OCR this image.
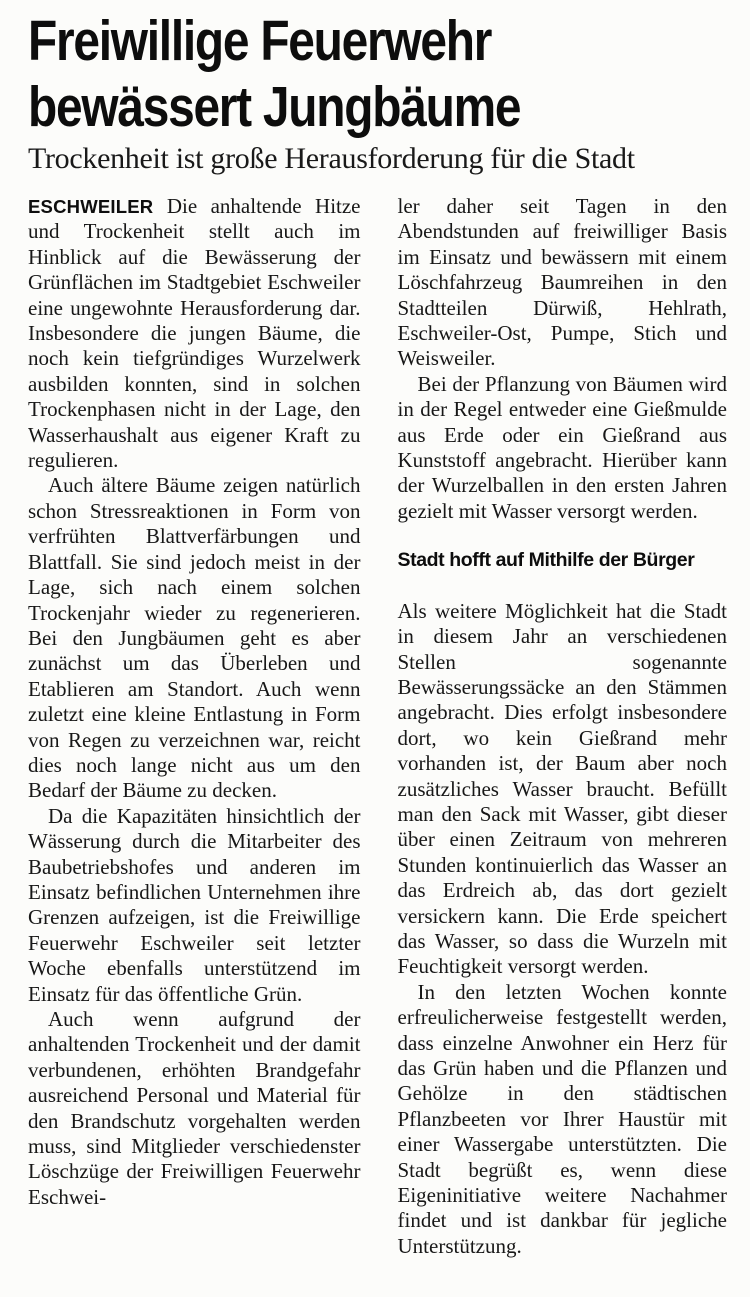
Freiwillige Feuerwehr
bewässert Jungbäume
Trockenheit ist große Herausforderung für die Stadt

ESCHWEILER Die anhaltende Hitze und Trockenheit stellt auch im Hinblick auf die Bewässerung der Grünflächen im Stadtgebiet Eschweiler eine ungewohnte Herausforderung dar. Insbesondere die jungen Bäume, die noch kein tiefgründiges Wurzelwerk ausbilden konnten, sind in solchen Trockenphasen nicht in der Lage, den Wasserhaushalt aus eigener Kraft zu regulieren.

Auch ältere Bäume zeigen natürlich schon Stressreaktionen in Form von verfrühten Blattverfärbungen und Blattfall. Sie sind jedoch meist in der Lage, sich nach einem solchen Trockenjahr wieder zu regenerieren. Bei den Jungbäumen geht es aber zunächst um das Überleben und Etablieren am Standort. Auch wenn zuletzt eine kleine Entlastung in Form von Regen zu verzeichnen war, reicht dies noch lange nicht aus um den Bedarf der Bäume zu decken.

Da die Kapazitäten hinsichtlich der Wässerung durch die Mitarbeiter des Baubetriebshofes und anderen im Einsatz befindlichen Unternehmen ihre Grenzen aufzeigen, ist die Freiwillige Feuerwehr Eschweiler seit letzter Woche ebenfalls unterstützend im Einsatz für das öffentliche Grün.

Auch wenn aufgrund der anhaltenden Trockenheit und der damit verbundenen, erhöhten Brandgefahr ausreichend Personal und Material für den Brandschutz vorgehalten werden muss, sind Mitglieder verschiedenster Löschzüge der Freiwilligen Feuerwehr Eschwei-

ler daher seit Tagen in den Abendstunden auf freiwilliger Basis im Einsatz und bewässern mit einem Löschfahrzeug Baumreihen in den Stadtteilen Dürwiß, Hehlrath, Eschweiler-Ost, Pumpe, Stich und Weisweiler.

Bei der Pflanzung von Bäumen wird in der Regel entweder eine Gießmulde aus Erde oder ein Gießrand aus Kunststoff angebracht. Hierüber kann der Wurzelballen in den ersten Jahren gezielt mit Wasser versorgt werden.

Stadt hofft auf Mithilfe der Bürger

Als weitere Möglichkeit hat die Stadt in diesem Jahr an verschiedenen Stellen sogenannte Bewässerungssäcke an den Stämmen angebracht. Dies erfolgt insbesondere dort, wo kein Gießrand mehr vorhanden ist, der Baum aber noch zusätzliches Wasser braucht. Befüllt man den Sack mit Wasser, gibt dieser über einen Zeitraum von mehreren Stunden kontinuierlich das Wasser an das Erdreich ab, das dort gezielt versickern kann. Die Erde speichert das Wasser, so dass die Wurzeln mit Feuchtigkeit versorgt werden.

In den letzten Wochen konnte erfreulicherweise festgestellt werden, dass einzelne Anwohner ein Herz für das Grün haben und die Pflanzen und Gehölze in den städtischen Pflanzbeeten vor Ihrer Haustür mit einer Wassergabe unterstützten. Die Stadt begrüßt es, wenn diese Eigeninitiative weitere Nachahmer findet und ist dankbar für jegliche Unterstützung.
